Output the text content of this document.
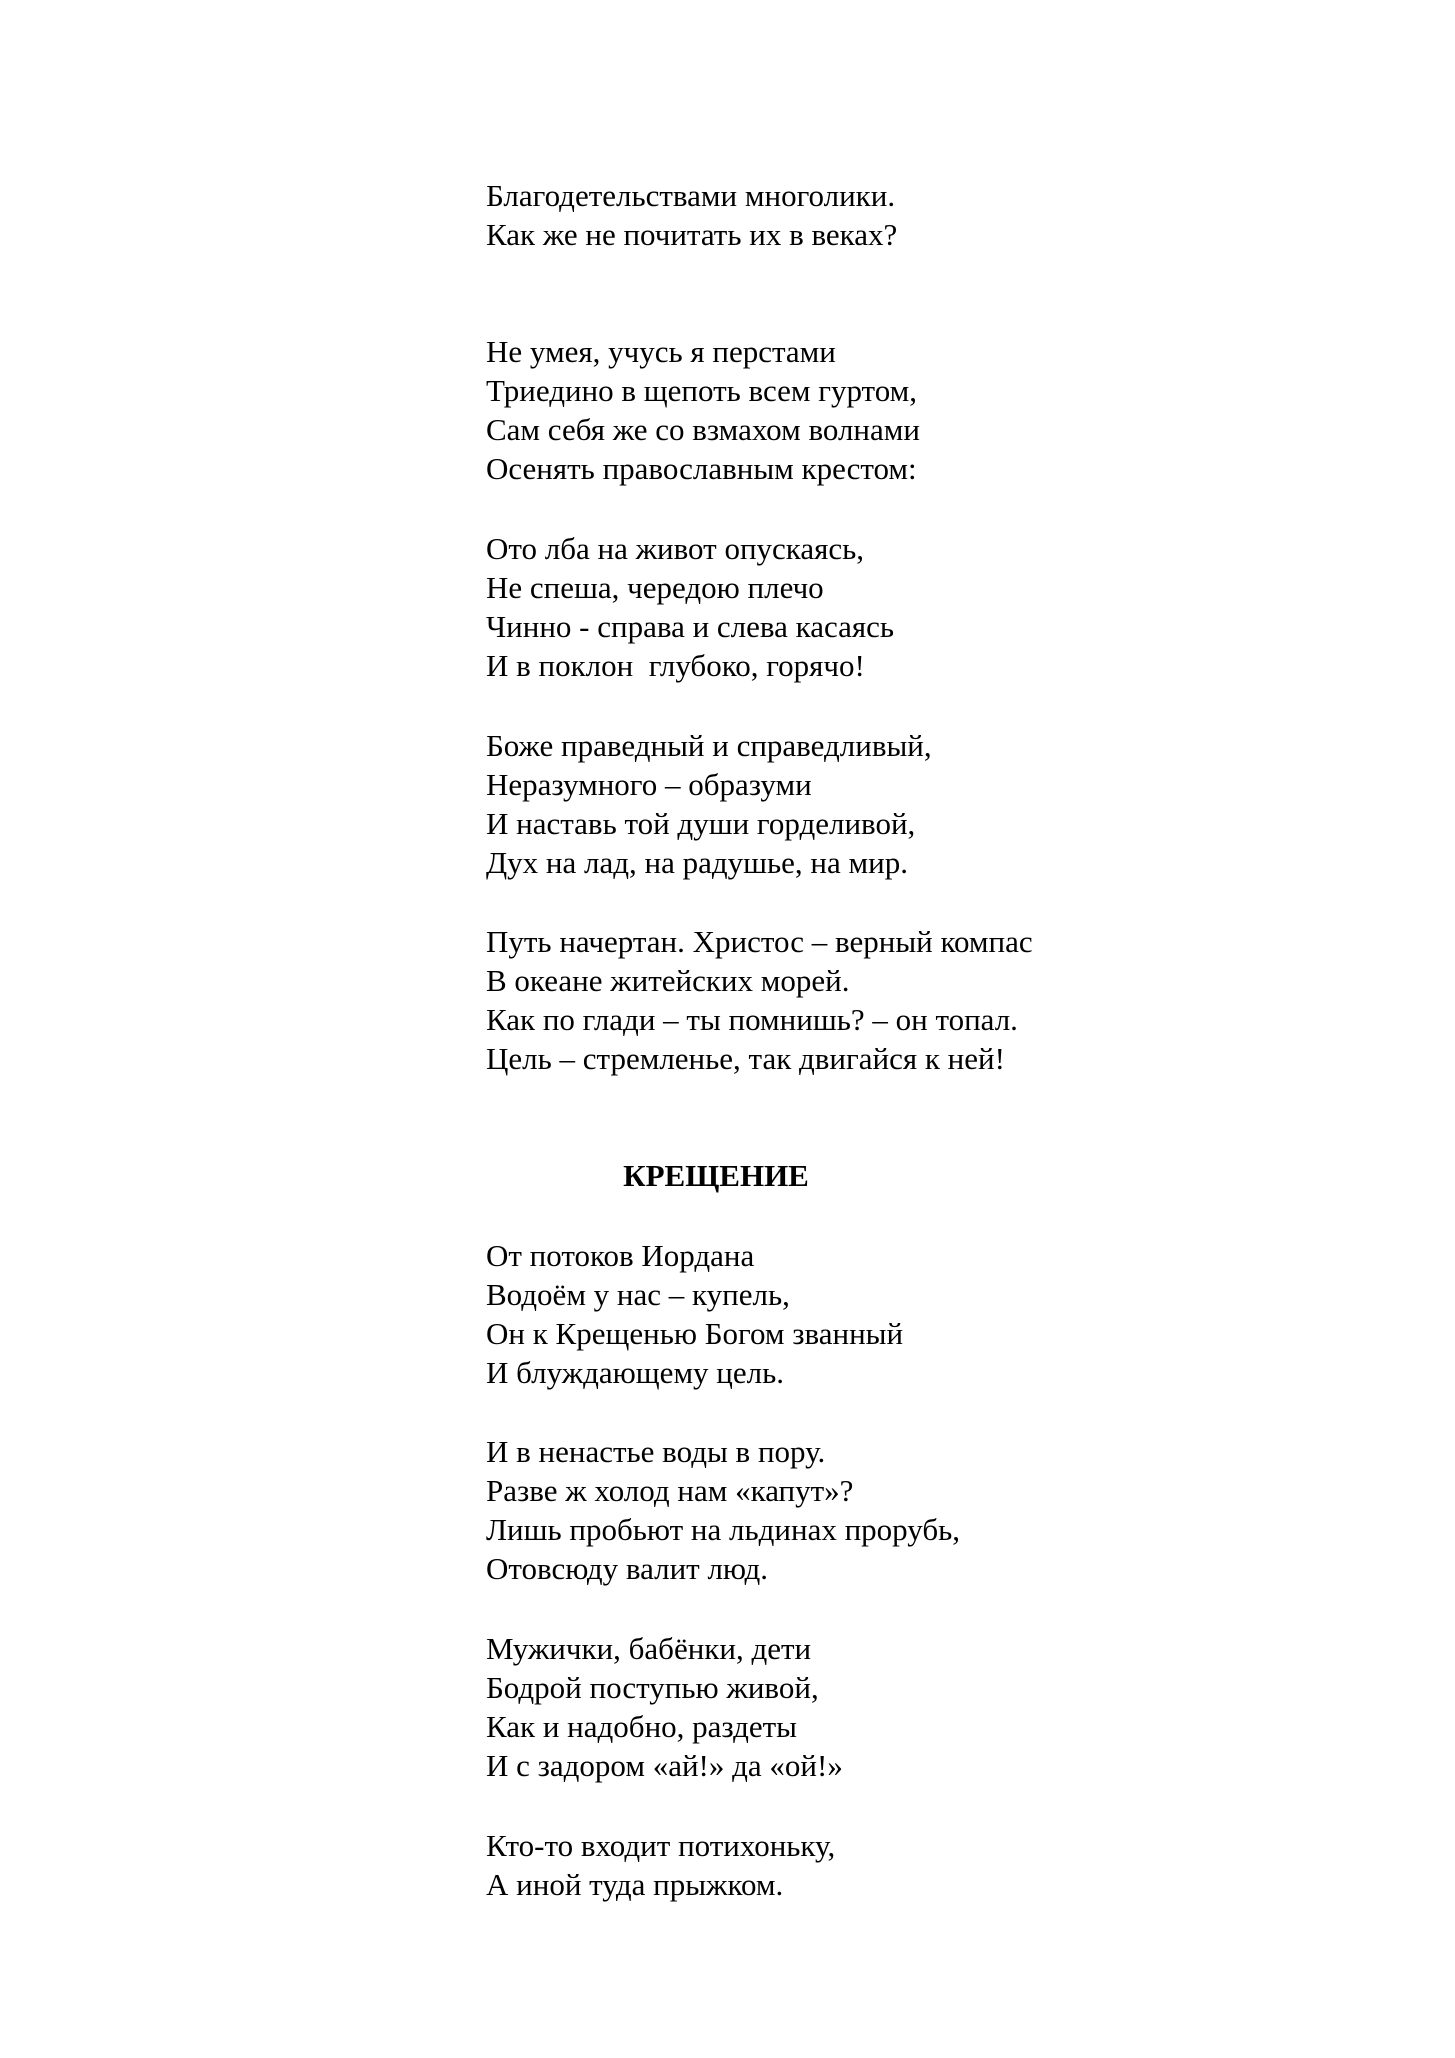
Благодетельствами многолики.
Как же не почитать их в веках?
Не умея, учусь я перстами
Триедино в щепоть всем гуртом,
Сам себя же со взмахом волнами
Осенять православным крестом:
Ото лба на живот опускаясь,
Не спеша, чередою плечо
Чинно - справа и слева касаясь
И в поклон  глубоко, горячо!
Боже праведный и справедливый,
Неразумного – образуми
И наставь той души горделивой,
Дух на лад, на радушье, на мир.
Путь начертан. Христос – верный компас
В океане житейских морей.
Как по глади – ты помнишь? – он топал.
Цель – стремленье, так двигайся к ней!
КРЕЩЕНИЕ
От потоков Иордана
Водоём у нас – купель,
Он к Крещенью Богом званный
И блуждающему цель.
И в ненастье воды в пору.
Разве ж холод нам «капут»?
Лишь пробьют на льдинах прорубь,
Отовсюду валит люд.
Мужички, бабёнки, дети
Бодрой поступью живой,
Как и надобно, раздеты
И с задором «ай!» да «ой!»
Кто-то входит потихоньку,
А иной туда прыжком.
